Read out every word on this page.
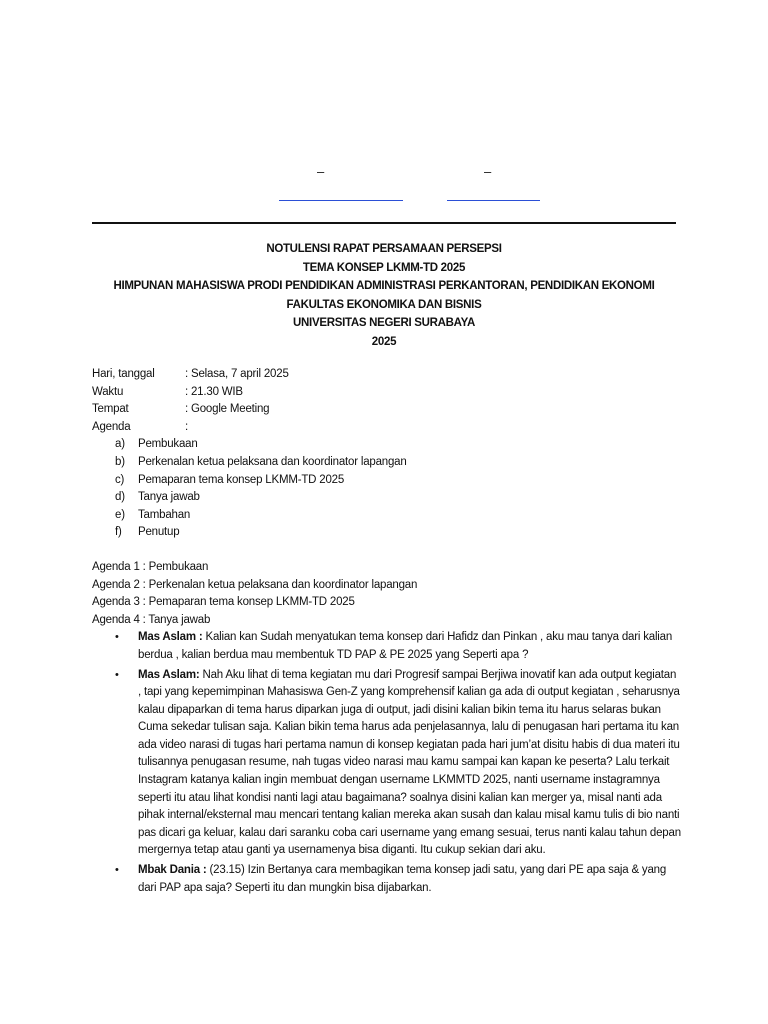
–	–
NOTULENSI RAPAT PERSAMAAN PERSEPSI
TEMA KONSEP LKMM-TD 2025
HIMPUNAN MAHASISWA PRODI PENDIDIKAN ADMINISTRASI PERKANTORAN, PENDIDIKAN EKONOMI
FAKULTAS EKONOMIKA DAN BISNIS
UNIVERSITAS NEGERI SURABAYA
2025
Hari, tanggal	: Selasa, 7 april 2025
Waktu	: 21.30 WIB
Tempat	: Google Meeting
Agenda	:
a)	Pembukaan
b)	Perkenalan ketua pelaksana dan koordinator lapangan
c)	Pemaparan tema konsep LKMM-TD 2025
d)	Tanya jawab
e)	Tambahan
f)	Penutup
Agenda 1 : Pembukaan
Agenda 2 : Perkenalan ketua pelaksana dan koordinator lapangan
Agenda 3 : Pemaparan tema konsep LKMM-TD 2025
Agenda 4 : Tanya jawab
• Mas Aslam : Kalian kan Sudah menyatukan tema konsep dari Hafidz dan Pinkan , aku mau tanya dari kalian berdua , kalian berdua mau membentuk TD PAP & PE 2025 yang Seperti apa ?
• Mas Aslam: Nah Aku lihat di tema kegiatan mu dari Progresif sampai Berjiwa inovatif kan ada output kegiatan , tapi yang kepemimpinan Mahasiswa Gen-Z yang komprehensif kalian ga ada di output kegiatan , seharusnya kalau dipaparkan di tema harus diparkan juga di output, jadi disini kalian bikin tema itu harus selaras bukan Cuma sekedar tulisan saja. Kalian bikin tema harus ada penjelasannya, lalu di penugasan hari pertama itu kan ada video narasi di tugas hari pertama namun di konsep kegiatan pada hari jum’at disitu habis di dua materi itu tulisannya penugasan resume, nah tugas video narasi mau kamu sampai kan kapan ke peserta? Lalu terkait Instagram katanya kalian ingin membuat dengan username LKMMTD 2025, nanti username instagramnya seperti itu atau lihat kondisi nanti lagi atau bagaimana? soalnya disini kalian kan merger ya, misal nanti ada pihak internal/eksternal mau mencari tentang kalian mereka akan susah dan kalau misal kamu tulis di bio nanti pas dicari ga keluar, kalau dari saranku coba cari username yang emang sesuai, terus nanti kalau tahun depan mergernya tetap atau ganti ya usernamenya bisa diganti. Itu cukup sekian dari aku.
• Mbak Dania : (23.15) Izin Bertanya cara membagikan tema konsep jadi satu, yang dari PE apa saja & yang dari PAP apa saja? Seperti itu dan mungkin bisa dijabarkan.
